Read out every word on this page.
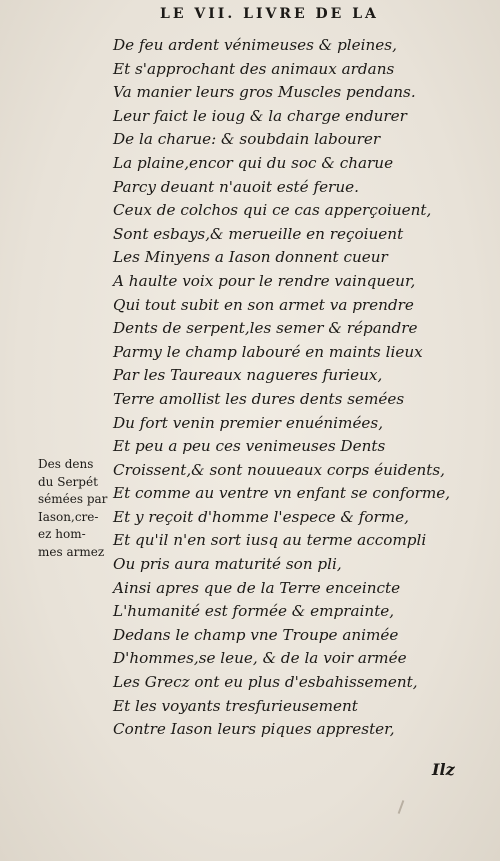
LE VII. LIVRE DE LA
De feu ardent vénimeuses & pleines,
Et s'approchant des animaux ardans
Va manier leurs gros Muscles pendans.
Leur faict le ioug & la charge endurer
De la charue: & soubdain labourer
La plaine,encor qui du soc & charue
Parcy deuant n'auoit esté ferue.
Ceux de colchos qui ce cas apperçoiuent,
Sont esbays,& merueille en reçoiuent
Les Minyens a Iason donnent cueur
A haulte voix pour le rendre vainqueur,
Qui tout subit en son armet va prendre
Dents de serpent,les semer & répandre
Parmy le champ labouré en maints lieux
Par les Taureaux nagueres furieux,
Terre amollist les dures dents semées
Du fort venin premier enuénimées,
Et peu a peu ces venimeuses Dents
Croissent,& sont nouueaux corps éuidents,
Et comme au ventre vn enfant se conforme,
Et y reçoit d'homme l'espece & forme,
Et qu'il n'en sort iusq au terme accompli
Ou pris aura maturité son pli,
Ainsi apres que de la Terre enceincte
L'humanité est formée & emprainte,
Dedans le champ vne Troupe animée
D'hommes,se leue, & de la voir armée
Les Grecz ont eu plus d'esbahissement,
Et les voyants tresfurieusement
Contre Iason leurs piques apprester,
Des dens
du Serpét
sémées par
Iason,cre-
ez hom-
mes armez
Ilz
